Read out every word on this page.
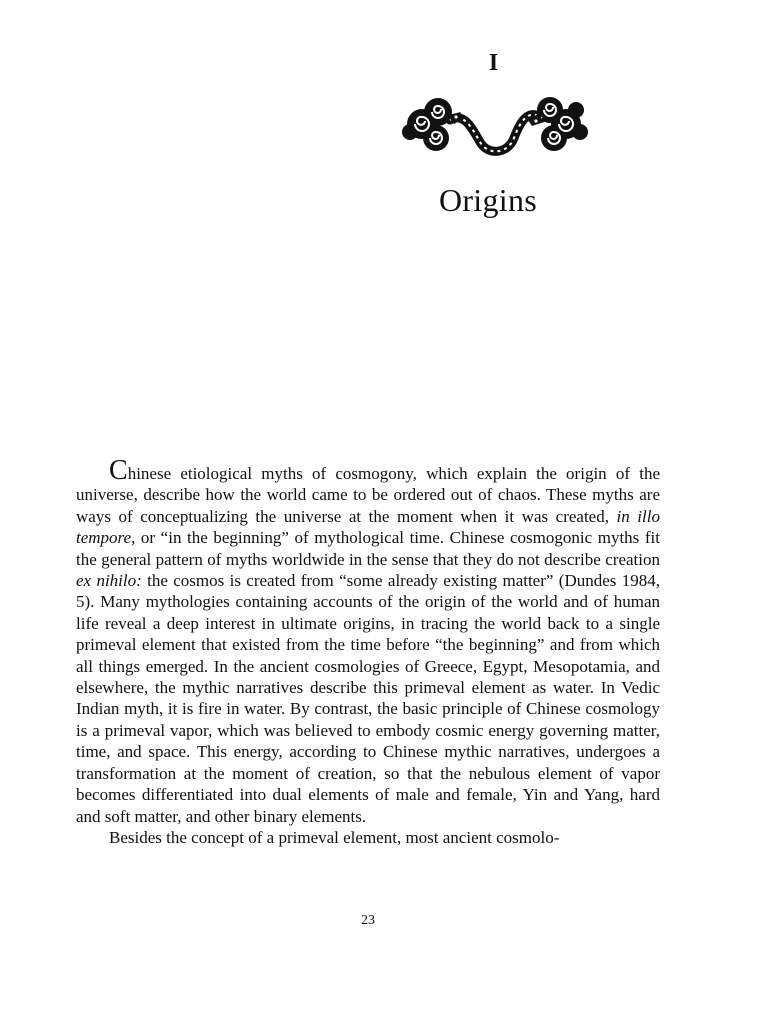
I
Origins

Chinese etiological myths of cosmogony, which explain the origin of the universe, describe how the world came to be ordered out of chaos. These myths are ways of conceptualizing the universe at the moment when it was created, in illo tempore, or “in the beginning” of mythological time. Chinese cosmogonic myths fit the general pattern of myths worldwide in the sense that they do not describe creation ex nihilo: the cosmos is created from “some already existing matter” (Dundes 1984, 5). Many mythologies containing accounts of the origin of the world and of human life reveal a deep interest in ultimate origins, in tracing the world back to a single primeval element that existed from the time before “the beginning” and from which all things emerged. In the ancient cosmologies of Greece, Egypt, Mesopotamia, and elsewhere, the mythic narratives describe this primeval element as water. In Vedic Indian myth, it is fire in water. By contrast, the basic principle of Chinese cosmology is a primeval vapor, which was believed to embody cosmic energy governing matter, time, and space. This energy, according to Chinese mythic narratives, undergoes a transformation at the moment of creation, so that the nebulous element of vapor becomes differentiated into dual elements of male and female, Yin and Yang, hard and soft matter, and other binary elements.

Besides the concept of a primeval element, most ancient cosmolo-

23
